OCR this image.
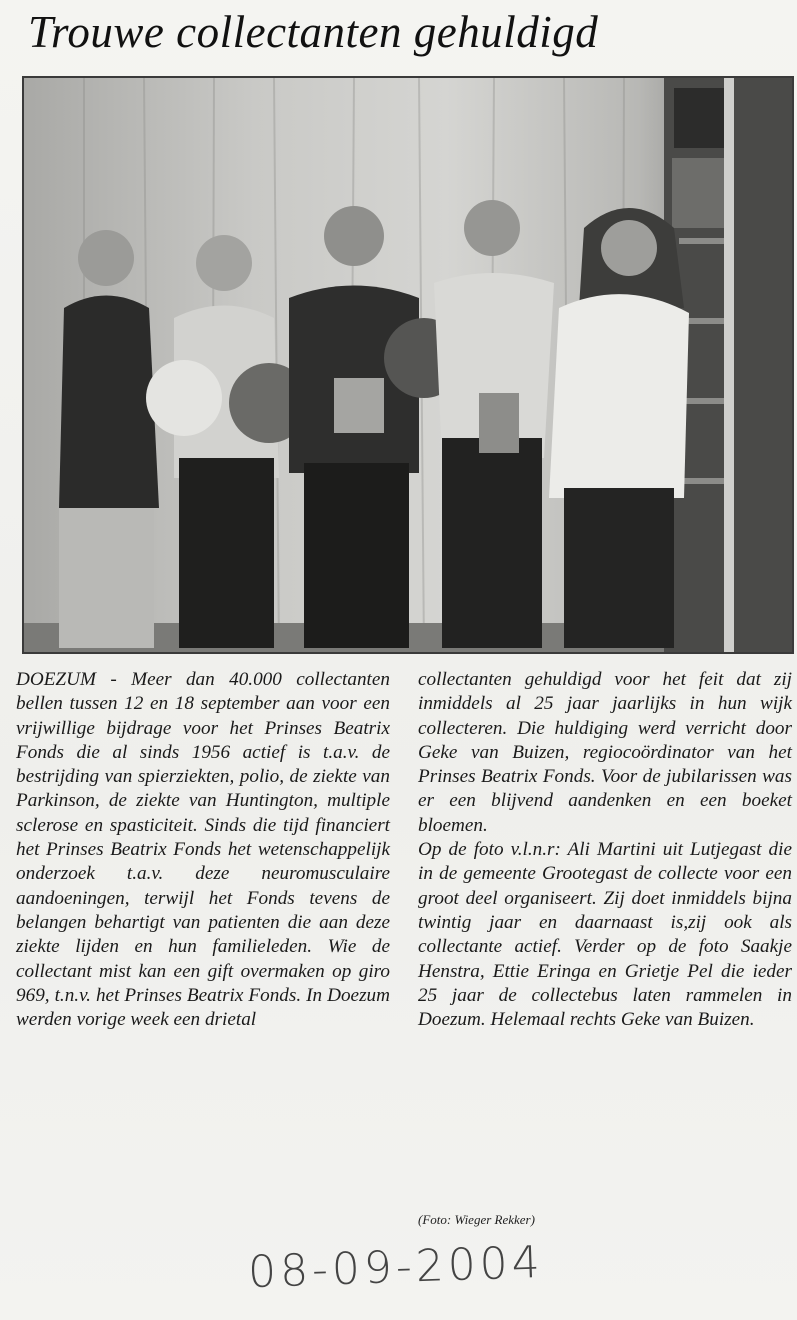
Trouwe collectanten gehuldigd

DOEZUM - Meer dan 40.000 collectanten bellen tussen 12 en 18 september aan voor een vrijwillige bijdrage voor het Prinses Beatrix Fonds die al sinds 1956 actief is t.a.v. de bestrijding van spierziekten, polio, de ziekte van Parkinson, de ziekte van Huntington, multiple sclerose en spasticiteit. Sinds die tijd financiert het Prinses Beatrix Fonds het wetenschappelijk onderzoek t.a.v. deze neuromusculaire aandoeningen, terwijl het Fonds tevens de belangen behartigt van patienten die aan deze ziekte lijden en hun familieleden. Wie de collectant mist kan een gift overmaken op giro 969, t.n.v. het Prinses Beatrix Fonds. In Doezum werden vorige week een drietal

collectanten gehuldigd voor het feit dat zij inmiddels al 25 jaar jaarlijks in hun wijk collecteren. Die huldiging werd verricht door Geke van Buizen, regiocoördinator van het Prinses Beatrix Fonds. Voor de jubilarissen was er een blijvend aandenken en een boeket bloemen.

Op de foto v.l.n.r: Ali Martini uit Lutjegast die in de gemeente Grootegast de collecte voor een groot deel organiseert. Zij doet inmiddels bijna twintig jaar en daarnaast is,zij ook als collectante actief. Verder op de foto Saakje Henstra, Ettie Eringa en Grietje Pel die ieder 25 jaar de collectebus laten rammelen in Doezum. Helemaal rechts Geke van Buizen.

(Foto: Wieger Rekker)
08-09-2004
